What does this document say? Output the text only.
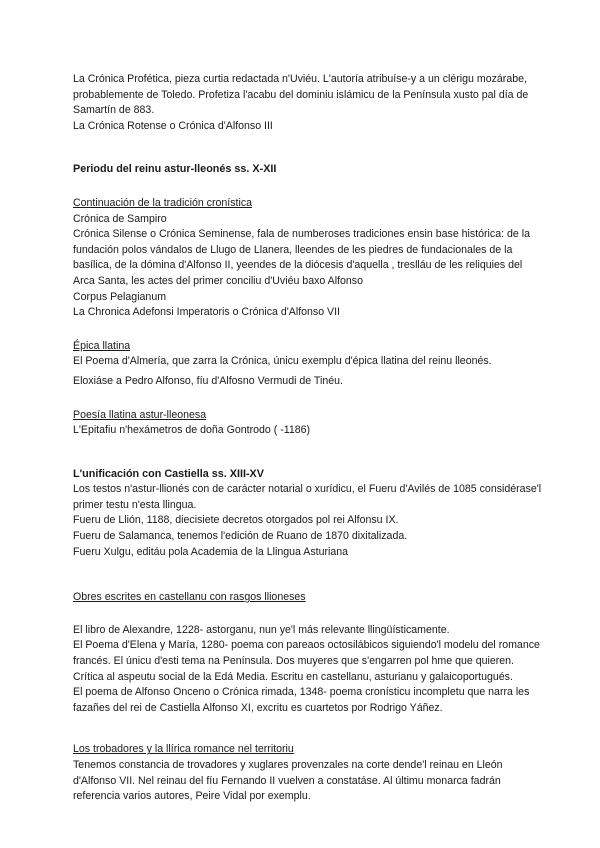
La Crónica Profética, pieza curtia redactada n'Uviéu. L'autoría atribuíse-y a un clérigu mozárabe, probablemente de Toledo. Profetiza l'acabu del dominiu islámicu de la Península xusto pal día de Samartín de 883.

La Crónica Rotense o Crónica d'Alfonso III

Periodu del reinu astur-lleonés ss. X-XII

Continuación de la tradición cronística

Crónica de Sampiro

Crónica Silense o Crónica Seminense, fala de numberoses tradiciones ensin base histórica: de la fundación polos vándalos de Llugo de Llanera, lleendes de les piedres de fundacionales de la basílica, de la dómina d'Alfonso II, yeendes de la diócesis d'aquella , treslláu de les reliquies del Arca Santa, les actes del primer conciliu d'Uviéu baxo Alfonso

Corpus Pelagianum

La Chronica Adefonsi Imperatoris o Crónica d'Alfonso VII

Épica llatina

El Poema d'Almería, que zarra la Crónica, únicu exemplu d'épica llatina del reinu lleonés.

Eloxiáse a Pedro Alfonso, fíu d'Alfosno Vermudi de Tinéu.

Poesía llatina astur-lleonesa

L'Epitafiu n'hexámetros de doña Gontrodo ( -1186)

L'unificación con Castiella ss. XIII-XV

Los testos n'astur-llionés con de carácter notarial o xurídicu, el Fueru d'Avilés de 1085 considérase'l primer testu n'esta llingua.

Fueru de Llión, 1188, diecisiete decretos otorgados pol rei Alfonsu IX.

Fueru de Salamanca, tenemos l'edición de Ruano de 1870 dixitalizada.

Fueru Xulgu, editáu pola Academia de la Llingua Asturiana

Obres escrites en castellanu con rasgos llioneses

El libro de Alexandre, 1228- astorganu, nun ye'l más relevante llingüísticamente.

El Poema d'Elena y María, 1280- poema con pareaos octosilábicos siguiendo'l modelu del romance francés. El únicu d'esti tema na Península. Dos muyeres que s'engarren pol hme que quieren. Crítica al aspeutu social de la Edá Media. Escritu en castellanu, asturianu y galaicoportugués.

El poema de Alfonso Onceno o Crónica rimada, 1348- poema cronísticu incompletu que narra les fazañes del rei de Castiella Alfonso XI, excritu es cuartetos por Rodrigo Yáñez.

Los trobadores y la llírica romance nel territoriu

Tenemos constancia de trovadores y xuglares provenzales na corte dende'l reinau en Lleón d'Alfonso VII. Nel reinau del fíu Fernando II vuelven a constatáse. Al últimu monarca fadrán referencia varios autores, Peire Vidal por exemplu.
